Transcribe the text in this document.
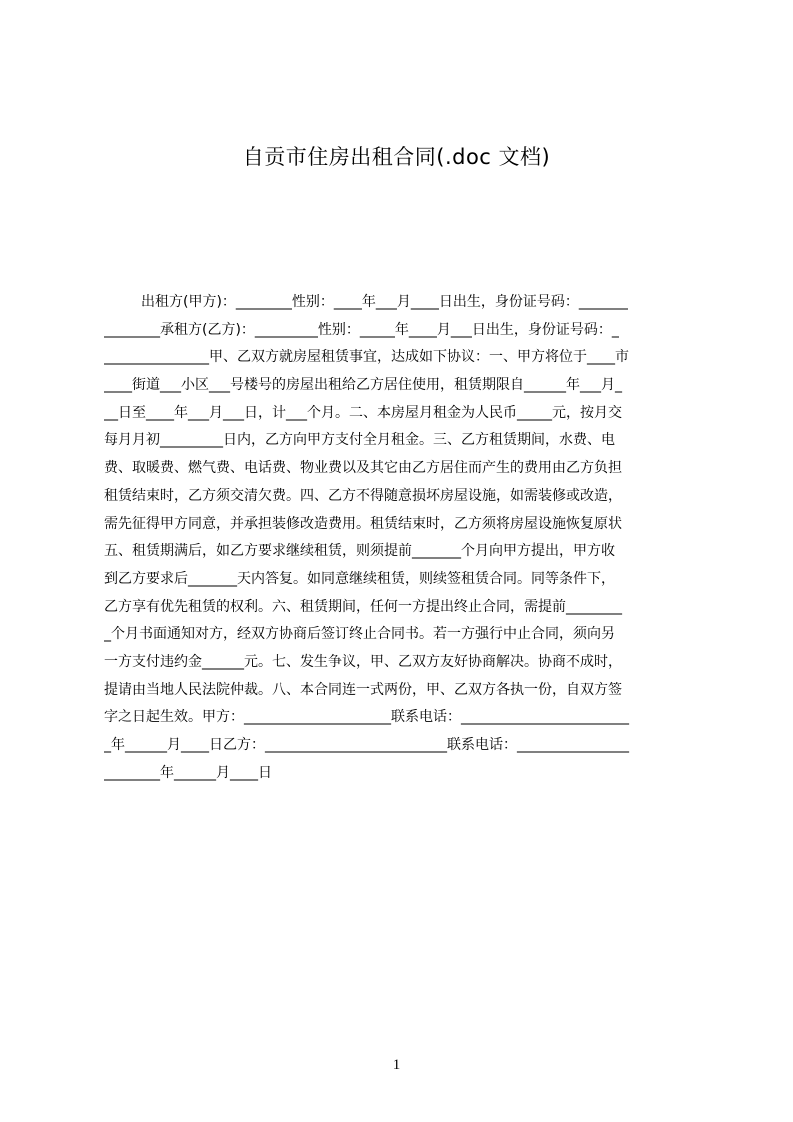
自贡市住房出租合同(.doc 文档)
出租方(甲方)：________性别：____年___月____日出生，身份证号码：_______
________承租方(乙方)：_________性别：_____年____月___日出生，身份证号码：_
_______________甲、乙双方就房屋租赁事宜，达成如下协议：一、甲方将位于____市
____街道___小区___号楼号的房屋出租给乙方居住使用，租赁期限自______年___月_
__日至____年___月___日，计___个月。二、本房屋月租金为人民币_____元，按月交
每月月初_________日内，乙方向甲方支付全月租金。三、乙方租赁期间，水费、电
费、取暖费、燃气费、电话费、物业费以及其它由乙方居住而产生的费用由乙方负担
租赁结束时，乙方须交清欠费。四、乙方不得随意损坏房屋设施，如需装修或改造，
需先征得甲方同意，并承担装修改造费用。租赁结束时，乙方须将房屋设施恢复原状
五、租赁期满后，如乙方要求继续租赁，则须提前_______个月向甲方提出，甲方收
到乙方要求后_______天内答复。如同意继续租赁，则续签租赁合同。同等条件下，
乙方享有优先租赁的权利。六、租赁期间，任何一方提出终止合同，需提前________
_个月书面通知对方，经双方协商后签订终止合同书。若一方强行中止合同，须向另
一方支付违约金______元。七、发生争议，甲、乙双方友好协商解决。协商不成时，
提请由当地人民法院仲裁。八、本合同连一式两份，甲、乙双方各执一份，自双方签
字之日起生效。甲方：_____________________联系电话：________________________
_年______月____日乙方：__________________________联系电话：________________
________年______月____日
1
